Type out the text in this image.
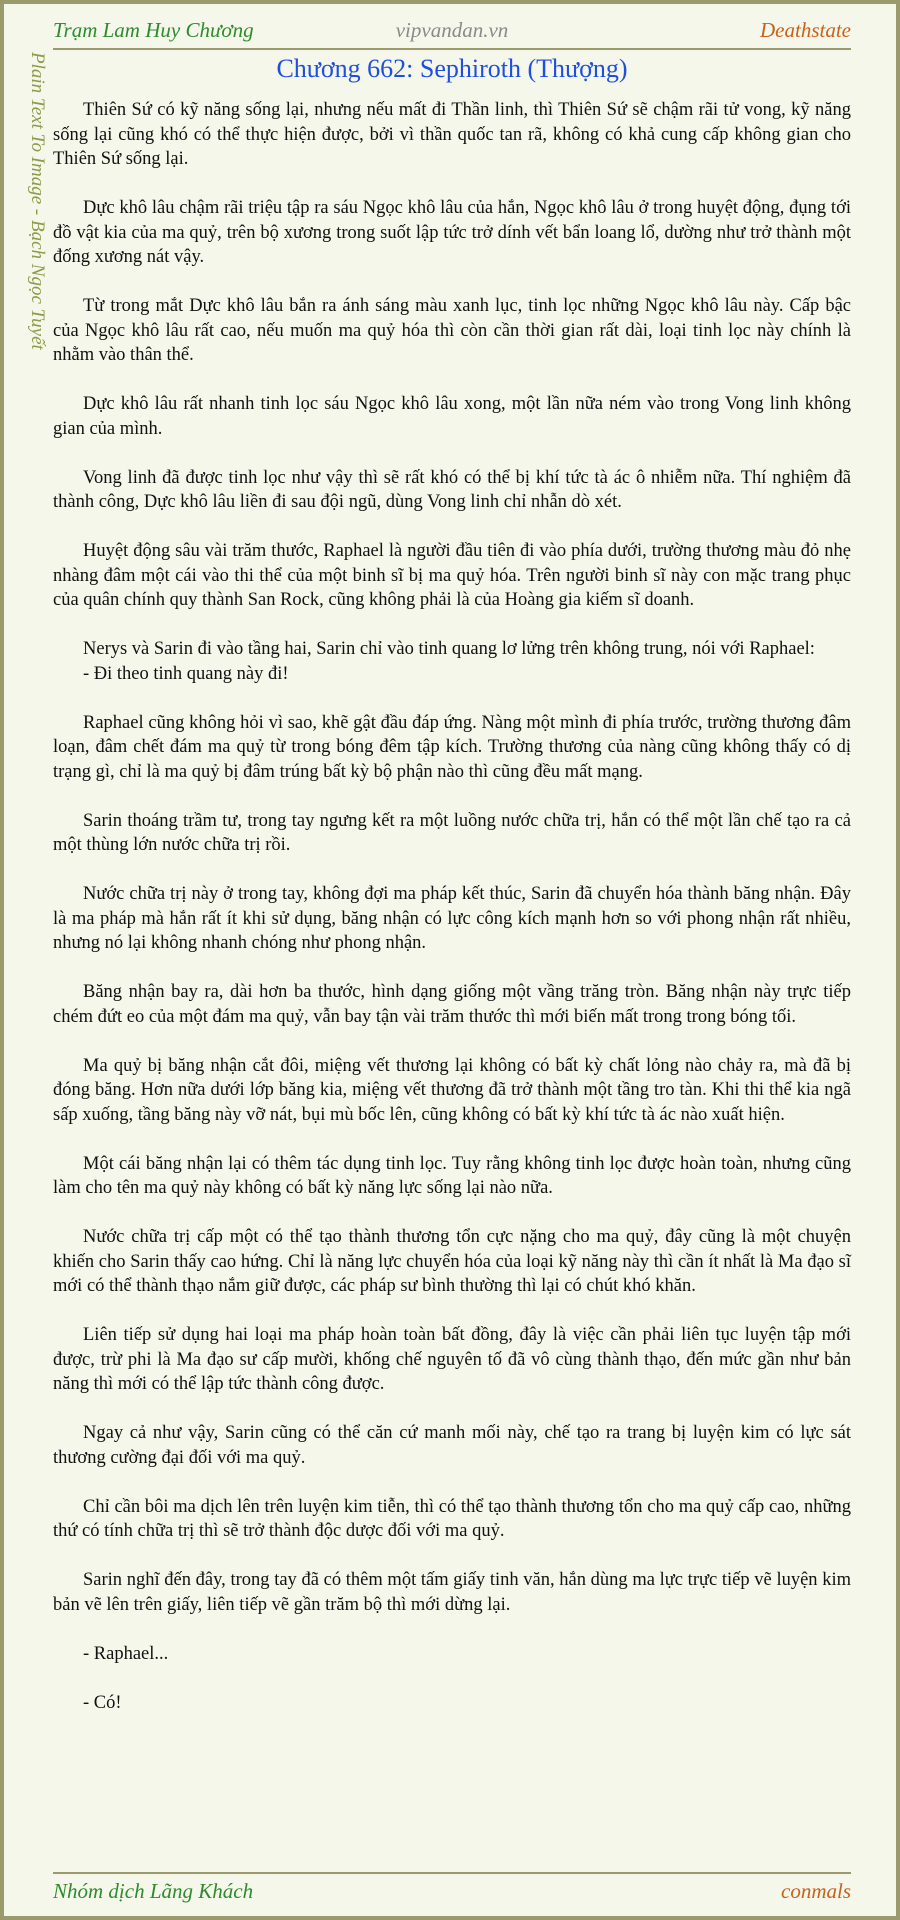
Trạm Lam Huy Chương	vipvandan.vn	Deathstate
Plain Text To Image - Bạch Ngọc Tuyết	Chương 662: Sephiroth (Thượng)

Thiên Sứ có kỹ năng sống lại, nhưng nếu mất đi Thần linh, thì Thiên Sứ sẽ chậm rãi tử vong, kỹ năng sống lại cũng khó có thể thực hiện được, bởi vì thần quốc tan rã, không có khả cung cấp không gian cho Thiên Sứ sống lại.

Dực khô lâu chậm rãi triệu tập ra sáu Ngọc khô lâu của hắn, Ngọc khô lâu ở trong huyệt động, đụng tới đồ vật kia của ma quỷ, trên bộ xương trong suốt lập tức trở dính vết bẩn loang lổ, dường như trở thành một đống xương nát vậy.

Từ trong mắt Dực khô lâu bắn ra ánh sáng màu xanh lục, tinh lọc những Ngọc khô lâu này. Cấp bậc của Ngọc khô lâu rất cao, nếu muốn ma quỷ hóa thì còn cần thời gian rất dài, loại tinh lọc này chính là nhằm vào thân thể.

Dực khô lâu rất nhanh tinh lọc sáu Ngọc khô lâu xong, một lần nữa ném vào trong Vong linh không gian của mình.

Vong linh đã được tinh lọc như vậy thì sẽ rất khó có thể bị khí tức tà ác ô nhiễm nữa. Thí nghiệm đã thành công, Dực khô lâu liền đi sau đội ngũ, dùng Vong linh chỉ nhẫn dò xét.

Huyệt động sâu vài trăm thước, Raphael là người đầu tiên đi vào phía dưới, trường thương màu đỏ nhẹ nhàng đâm một cái vào thi thể của một binh sĩ bị ma quỷ hóa. Trên người binh sĩ này con mặc trang phục của quân chính quy thành San Rock, cũng không phải là của Hoàng gia kiếm sĩ doanh.

Nerys và Sarin đi vào tầng hai, Sarin chỉ vào tinh quang lơ lửng trên không trung, nói với Raphael:

- Đi theo tinh quang này đi!

Raphael cũng không hỏi vì sao, khẽ gật đầu đáp ứng. Nàng một mình đi phía trước, trường thương đâm loạn, đâm chết đám ma quỷ từ trong bóng đêm tập kích. Trường thương của nàng cũng không thấy có dị trạng gì, chỉ là ma quỷ bị đâm trúng bất kỳ bộ phận nào thì cũng đều mất mạng.

Sarin thoáng trầm tư, trong tay ngưng kết ra một luồng nước chữa trị, hắn có thể một lần chế tạo ra cả một thùng lớn nước chữa trị rồi.

Nước chữa trị này ở trong tay, không đợi ma pháp kết thúc, Sarin đã chuyển hóa thành băng nhận. Đây là ma pháp mà hắn rất ít khi sử dụng, băng nhận có lực công kích mạnh hơn so với phong nhận rất nhiều, nhưng nó lại không nhanh chóng như phong nhận.

Băng nhận bay ra, dài hơn ba thước, hình dạng giống một vầng trăng tròn. Băng nhận này trực tiếp chém đứt eo của một đám ma quỷ, vẫn bay tận vài trăm thước thì mới biến mất trong trong bóng tối.

Ma quỷ bị băng nhận cắt đôi, miệng vết thương lại không có bất kỳ chất lỏng nào chảy ra, mà đã bị đóng băng. Hơn nữa dưới lớp băng kia, miệng vết thương đã trở thành một tầng tro tàn. Khi thi thể kia ngã sấp xuống, tầng băng này vỡ nát, bụi mù bốc lên, cũng không có bất kỳ khí tức tà ác nào xuất hiện.

Một cái băng nhận lại có thêm tác dụng tinh lọc. Tuy rằng không tinh lọc được hoàn toàn, nhưng cũng làm cho tên ma quỷ này không có bất kỳ năng lực sống lại nào nữa.

Nước chữa trị cấp một có thể tạo thành thương tổn cực nặng cho ma quỷ, đây cũng là một chuyện khiến cho Sarin thấy cao hứng. Chỉ là năng lực chuyển hóa của loại kỹ năng này thì cần ít nhất là Ma đạo sĩ mới có thể thành thạo nắm giữ được, các pháp sư bình thường thì lại có chút khó khăn.

Liên tiếp sử dụng hai loại ma pháp hoàn toàn bất đồng, đây là việc cần phải liên tục luyện tập mới được, trừ phi là Ma đạo sư cấp mười, khống chế nguyên tố đã vô cùng thành thạo, đến mức gần như bản năng thì mới có thể lập tức thành công được.

Ngay cả như vậy, Sarin cũng có thể căn cứ manh mối này, chế tạo ra trang bị luyện kim có lực sát thương cường đại đối với ma quỷ.

Chỉ cần bôi ma dịch lên trên luyện kim tiễn, thì có thể tạo thành thương tổn cho ma quỷ cấp cao, những thứ có tính chữa trị thì sẽ trở thành độc dược đối với ma quỷ.

Sarin nghĩ đến đây, trong tay đã có thêm một tấm giấy tinh văn, hắn dùng ma lực trực tiếp vẽ luyện kim bản vẽ lên trên giấy, liên tiếp vẽ gần trăm bộ thì mới dừng lại.

- Raphael...

- Có!

Nhóm dịch Lãng Khách	conmals
